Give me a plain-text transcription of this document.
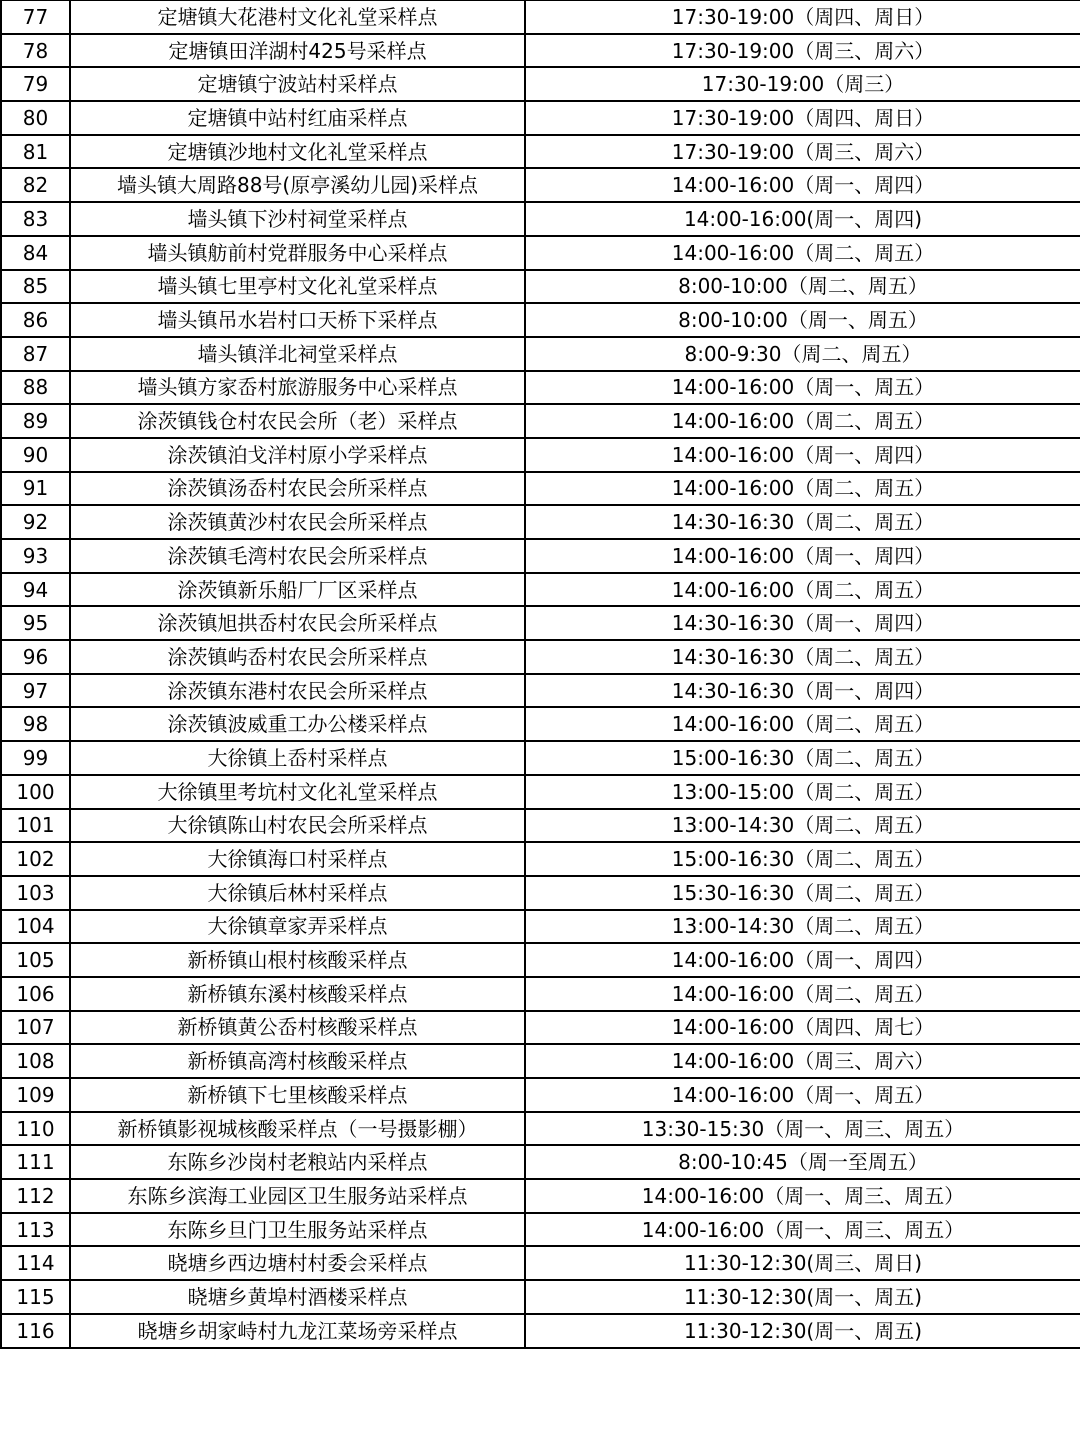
77	定塘镇大花港村文化礼堂采样点	17:30-19:00（周四、周日）
78	定塘镇田洋湖村425号采样点	17:30-19:00（周三、周六）
79	定塘镇宁波站村采样点	17:30-19:00（周三）
80	定塘镇中站村红庙采样点	17:30-19:00（周四、周日）
81	定塘镇沙地村文化礼堂采样点	17:30-19:00（周三、周六）
82	墙头镇大周路88号(原亭溪幼儿园)采样点	14:00-16:00（周一、周四）
83	墙头镇下沙村祠堂采样点	14:00-16:00(周一、周四)
84	墙头镇舫前村党群服务中心采样点	14:00-16:00（周二、周五）
85	墙头镇七里亭村文化礼堂采样点	8:00-10:00（周二、周五）
86	墙头镇吊水岩村口天桥下采样点	8:00-10:00（周一、周五）
87	墙头镇洋北祠堂采样点	8:00-9:30（周二、周五）
88	墙头镇方家岙村旅游服务中心采样点	14:00-16:00（周一、周五）
89	涂茨镇钱仓村农民会所（老）采样点	14:00-16:00（周二、周五）
90	涂茨镇泊戈洋村原小学采样点	14:00-16:00（周一、周四）
91	涂茨镇汤岙村农民会所采样点	14:00-16:00（周二、周五）
92	涂茨镇黄沙村农民会所采样点	14:30-16:30（周二、周五）
93	涂茨镇毛湾村农民会所采样点	14:00-16:00（周一、周四）
94	涂茨镇新乐船厂厂区采样点	14:00-16:00（周二、周五）
95	涂茨镇旭拱岙村农民会所采样点	14:30-16:30（周一、周四）
96	涂茨镇屿岙村农民会所采样点	14:30-16:30（周二、周五）
97	涂茨镇东港村农民会所采样点	14:30-16:30（周一、周四）
98	涂茨镇波威重工办公楼采样点	14:00-16:00（周二、周五）
99	大徐镇上岙村采样点	15:00-16:30（周二、周五）
100	大徐镇里考坑村文化礼堂采样点	13:00-15:00（周二、周五）
101	大徐镇陈山村农民会所采样点	13:00-14:30（周二、周五）
102	大徐镇海口村采样点	15:00-16:30（周二、周五）
103	大徐镇后林村采样点	15:30-16:30（周二、周五）
104	大徐镇章家弄采样点	13:00-14:30（周二、周五）
105	新桥镇山根村核酸采样点	14:00-16:00（周一、周四）
106	新桥镇东溪村核酸采样点	14:00-16:00（周二、周五）
107	新桥镇黄公岙村核酸采样点	14:00-16:00（周四、周七）
108	新桥镇高湾村核酸采样点	14:00-16:00（周三、周六）
109	新桥镇下七里核酸采样点	14:00-16:00（周一、周五）
110	新桥镇影视城核酸采样点（一号摄影棚）	13:30-15:30（周一、周三、周五）
111	东陈乡沙岗村老粮站内采样点	8:00-10:45（周一至周五）
112	东陈乡滨海工业园区卫生服务站采样点	14:00-16:00（周一、周三、周五）
113	东陈乡旦门卫生服务站采样点	14:00-16:00（周一、周三、周五）
114	晓塘乡西边塘村村委会采样点	11:30-12:30(周三、周日)
115	晓塘乡黄埠村酒楼采样点	11:30-12:30(周一、周五)
116	晓塘乡胡家峙村九龙江菜场旁采样点	11:30-12:30(周一、周五)
